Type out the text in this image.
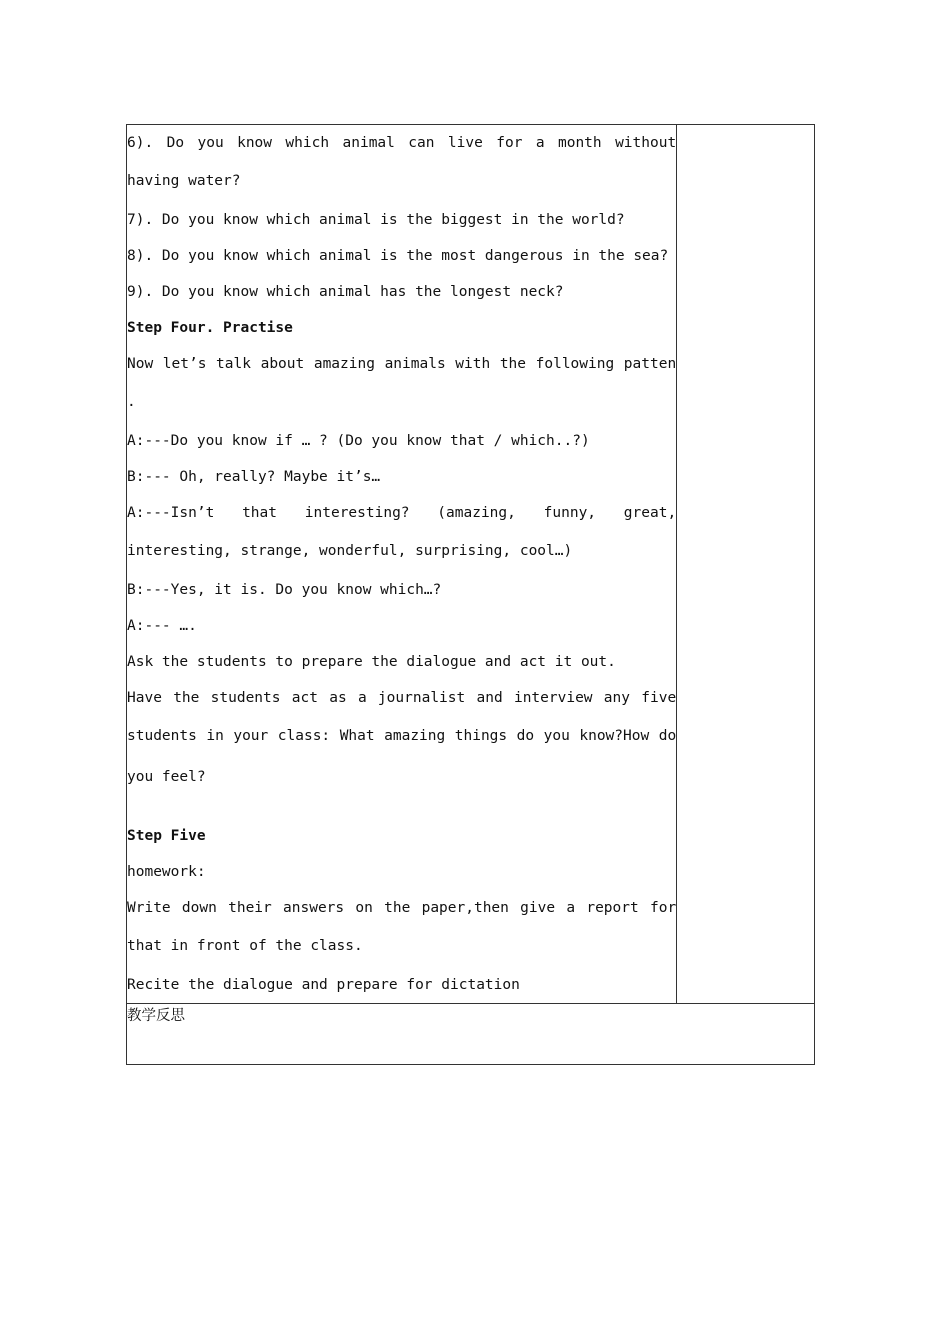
6). Do you know which animal can live for a month without

having water?

7). Do you know which animal is the biggest in the world?

8). Do you know which animal is the most dangerous in the sea?

9). Do you know which animal has the longest neck?

Step Four. Practise

Now let’s talk about amazing animals with the following patten

.

A:---Do you know if … ? (Do you know that / which..?)

B:--- Oh, really? Maybe it’s…

A:---Isn’t that interesting? (amazing, funny, great,

interesting, strange, wonderful, surprising, cool…)

B:---Yes, it is. Do you know which…?

A:--- ….

Ask the students to prepare the dialogue and act it out.

Have the students act as a journalist and interview any five

students in your class: What amazing things do you know?How do

you feel?

Step Five

homework:

Write down their answers on the paper,then give a report for

that in front of the class.

Recite the dialogue and prepare for dictation

教学反思
